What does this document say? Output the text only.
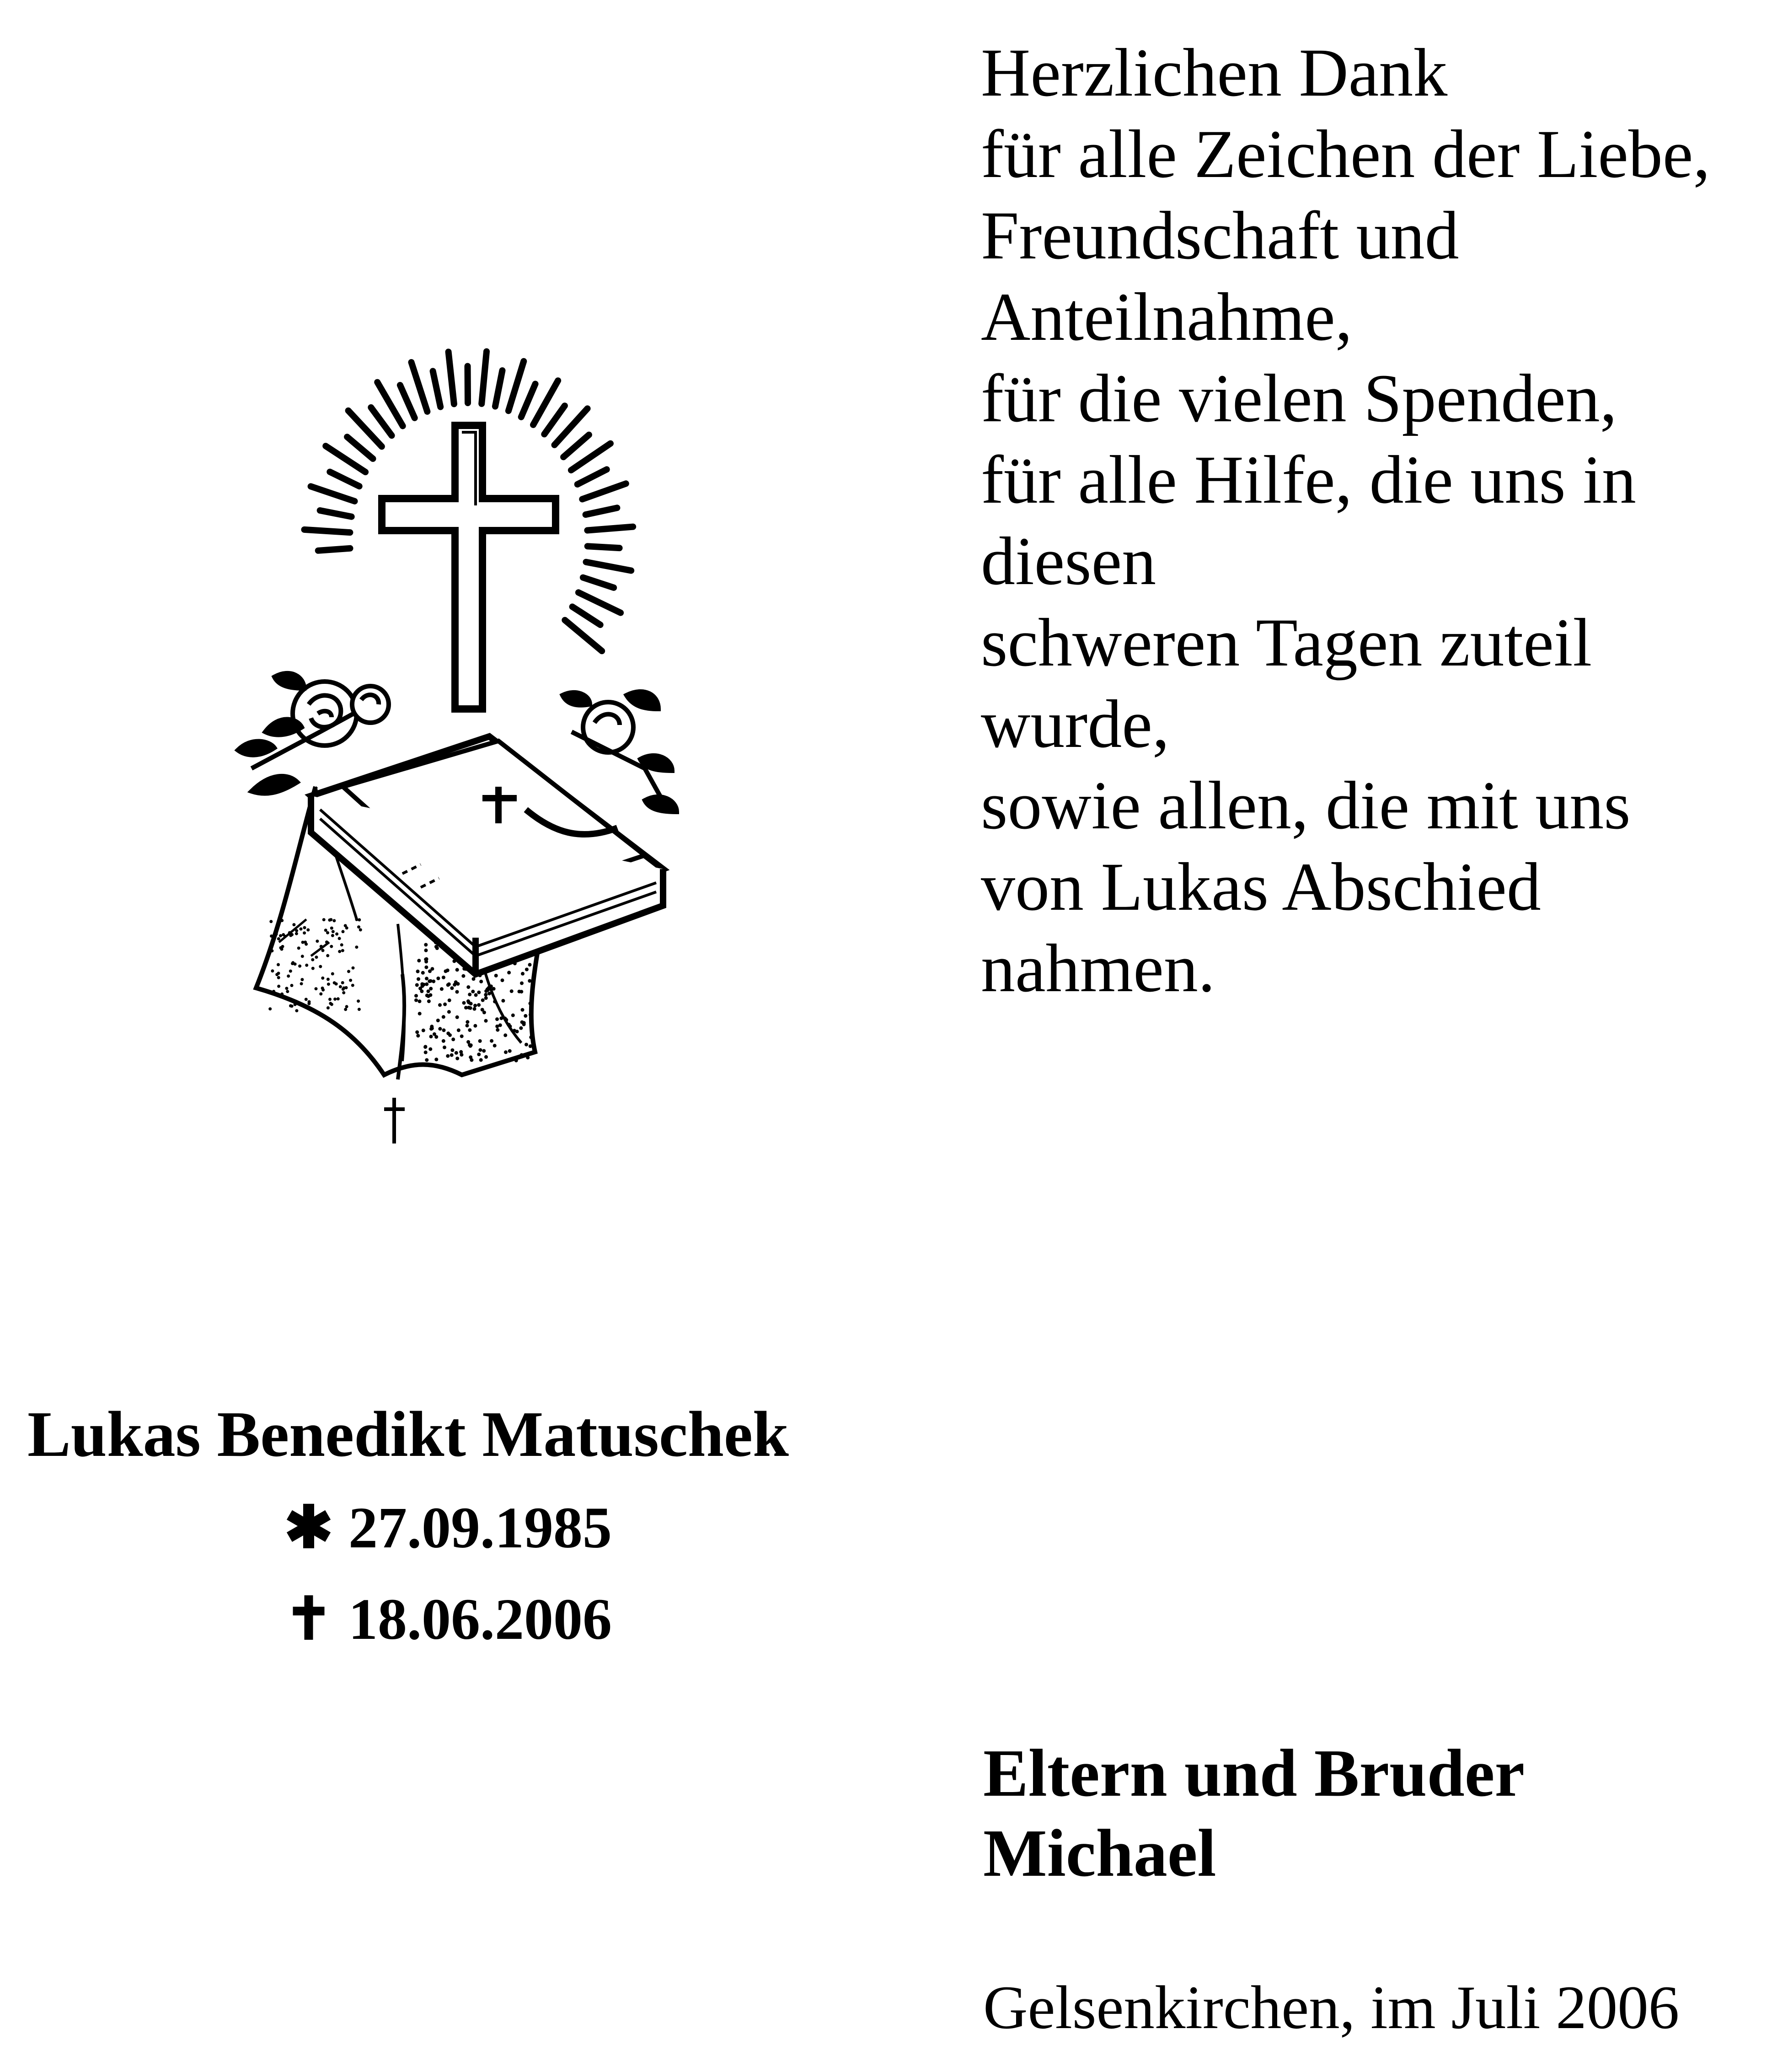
Herzlichen Dank
für alle Zeichen der Liebe,
Freundschaft und
Anteilnahme,
für die vielen Spenden,
für alle Hilfe, die uns in
diesen
schweren Tagen zuteil
wurde,
sowie allen, die mit uns
von Lukas Abschied
nahmen.
Lukas Benedikt Matuschek
✱ 27.09.1985
✝ 18.06.2006
Eltern und Bruder
Michael
Gelsenkirchen, im Juli 2006
